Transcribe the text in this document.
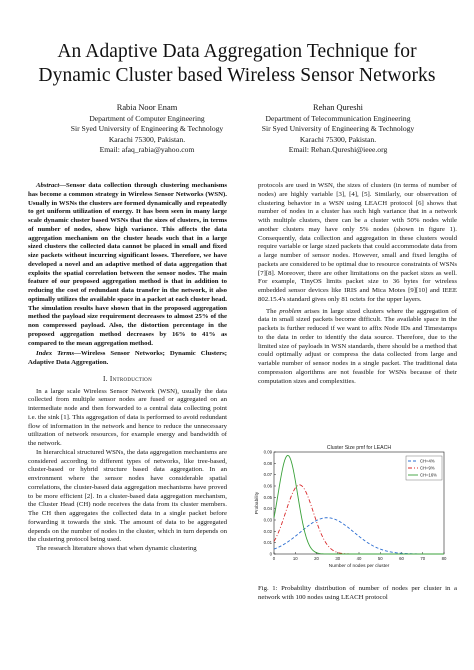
An Adaptive Data Aggregation Technique for
Dynamic Cluster based Wireless Sensor Networks
Rabia Noor Enam
Department of Computer Engineering
Sir Syed University of Engineering & Technology
Karachi 75300, Pakistan.
Email: afaq_rabia@yahoo.com
Rehan Qureshi
Department of Telecommunication Engineering
Sir Syed University of Engineering & Technology
Karachi 75300, Pakistan.
Email: Rehan.Qureshi@ieee.org

Abstract—Sensor data collection through clustering mechanisms has become a common strategy in Wireless Sensor Networks (WSN). Usually in WSNs the clusters are formed dynamically and repeatedly to get uniform utilization of energy. It has been seen in many large scale dynamic cluster based WSNs that the sizes of clusters, in terms of number of nodes, show high variance. This affects the data aggregation mechanism on the cluster heads such that in a large sized clusters the collected data cannot be placed in small and fixed size packets without incurring significant losses. Therefore, we have developed a novel and an adaptive method of data aggregation that exploits the spatial correlation between the sensor nodes. The main feature of our proposed aggregation method is that in addition to reducing the cost of redundant data transfer in the network, it also optimally utilizes the available space in a packet at each cluster head. The simulation results have shown that in the proposed aggregation method the payload size requirement decreases to almost 25% of the non compressed payload. Also, the distortion percentage in the proposed aggregation method decreases by 16% to 41% as compared to the mean aggregation method.

Index Terms—Wireless Sensor Networks; Dynamic Clusters; Adaptive Data Aggregation.

I. Introduction

In a large scale Wireless Sensor Network (WSN), usually the data collected from multiple sensor nodes are fused or aggregated on an intermediate node and then forwarded to a central data collecting point i.e. the sink [1]. This aggregation of data is performed to avoid redundant flow of information in the network and hence to reduce the unnecessary utilization of network resources, for example energy and bandwidth of the network.

In hierarchical structured WSNs, the data aggregation mechanisms are considered according to different types of networks, like tree-based, cluster-based or hybrid structure based data aggregation. In an environment where the sensor nodes have considerable spatial correlations, the cluster-based data aggregation mechanisms have proved to be more efficient [2]. In a cluster-based data aggregation mechanism, the Cluster Head (CH) node receives the data from its cluster members. The CH then aggregates the collected data in a single packet before forwarding it towards the sink. The amount of data to be aggregated depends on the number of nodes in the cluster, which in turn depends on the clustering protocol being used.

The research literature shows that when dynamic clustering

protocols are used in WSN, the sizes of clusters (in terms of number of nodes) are highly variable [3], [4], [5]. Similarly, our observation of clustering behavior in a WSN using LEACH protocol [6] shows that number of nodes in a cluster has such high variance that in a network with multiple clusters, there can be a cluster with 50% nodes while another clusters may have only 5% nodes (shown in figure 1). Consequently, data collection and aggregation in these clusters would require variable or large sized packets that could accommodate data from a large number of sensor nodes. However, small and fixed lengths of packets are considered to be optimal due to resource constraints of WSNs [7][8]. Moreover, there are other limitations on the packet sizes as well. For example, TinyOS limits packet size to 36 bytes for wireless embedded sensor devices like IRIS and Mica Motes [9][10] and IEEE 802.15.4's standard gives only 81 octets for the upper layers.

The problem arises in large sized clusters where the aggregation of data in small sized packets become difficult. The available space in the packets is further reduced if we want to affix Node IDs and Timestamps to the data in order to identify the data source. Therefore, due to the limited size of payloads in WSN standards, there should be a method that could optimally adjust or compress the data collected from large and variable number of sensor nodes in a single packet. The traditional data compression algorithms are not feasible for WSNs because of their computation sizes and complexities.

Cluster Size pmf for LEACH
0	10	20	30	40	50	60	70	80
0
0.01
0.02
0.03
0.04
0.05
0.06
0.07
0.08
0.09
Number of nodes per cluster
Probability
CH=4%
CH=9%
CH=16%
Fig. 1: Probability distribution of number of nodes per cluster in a network with 100 nodes using LEACH protocol
